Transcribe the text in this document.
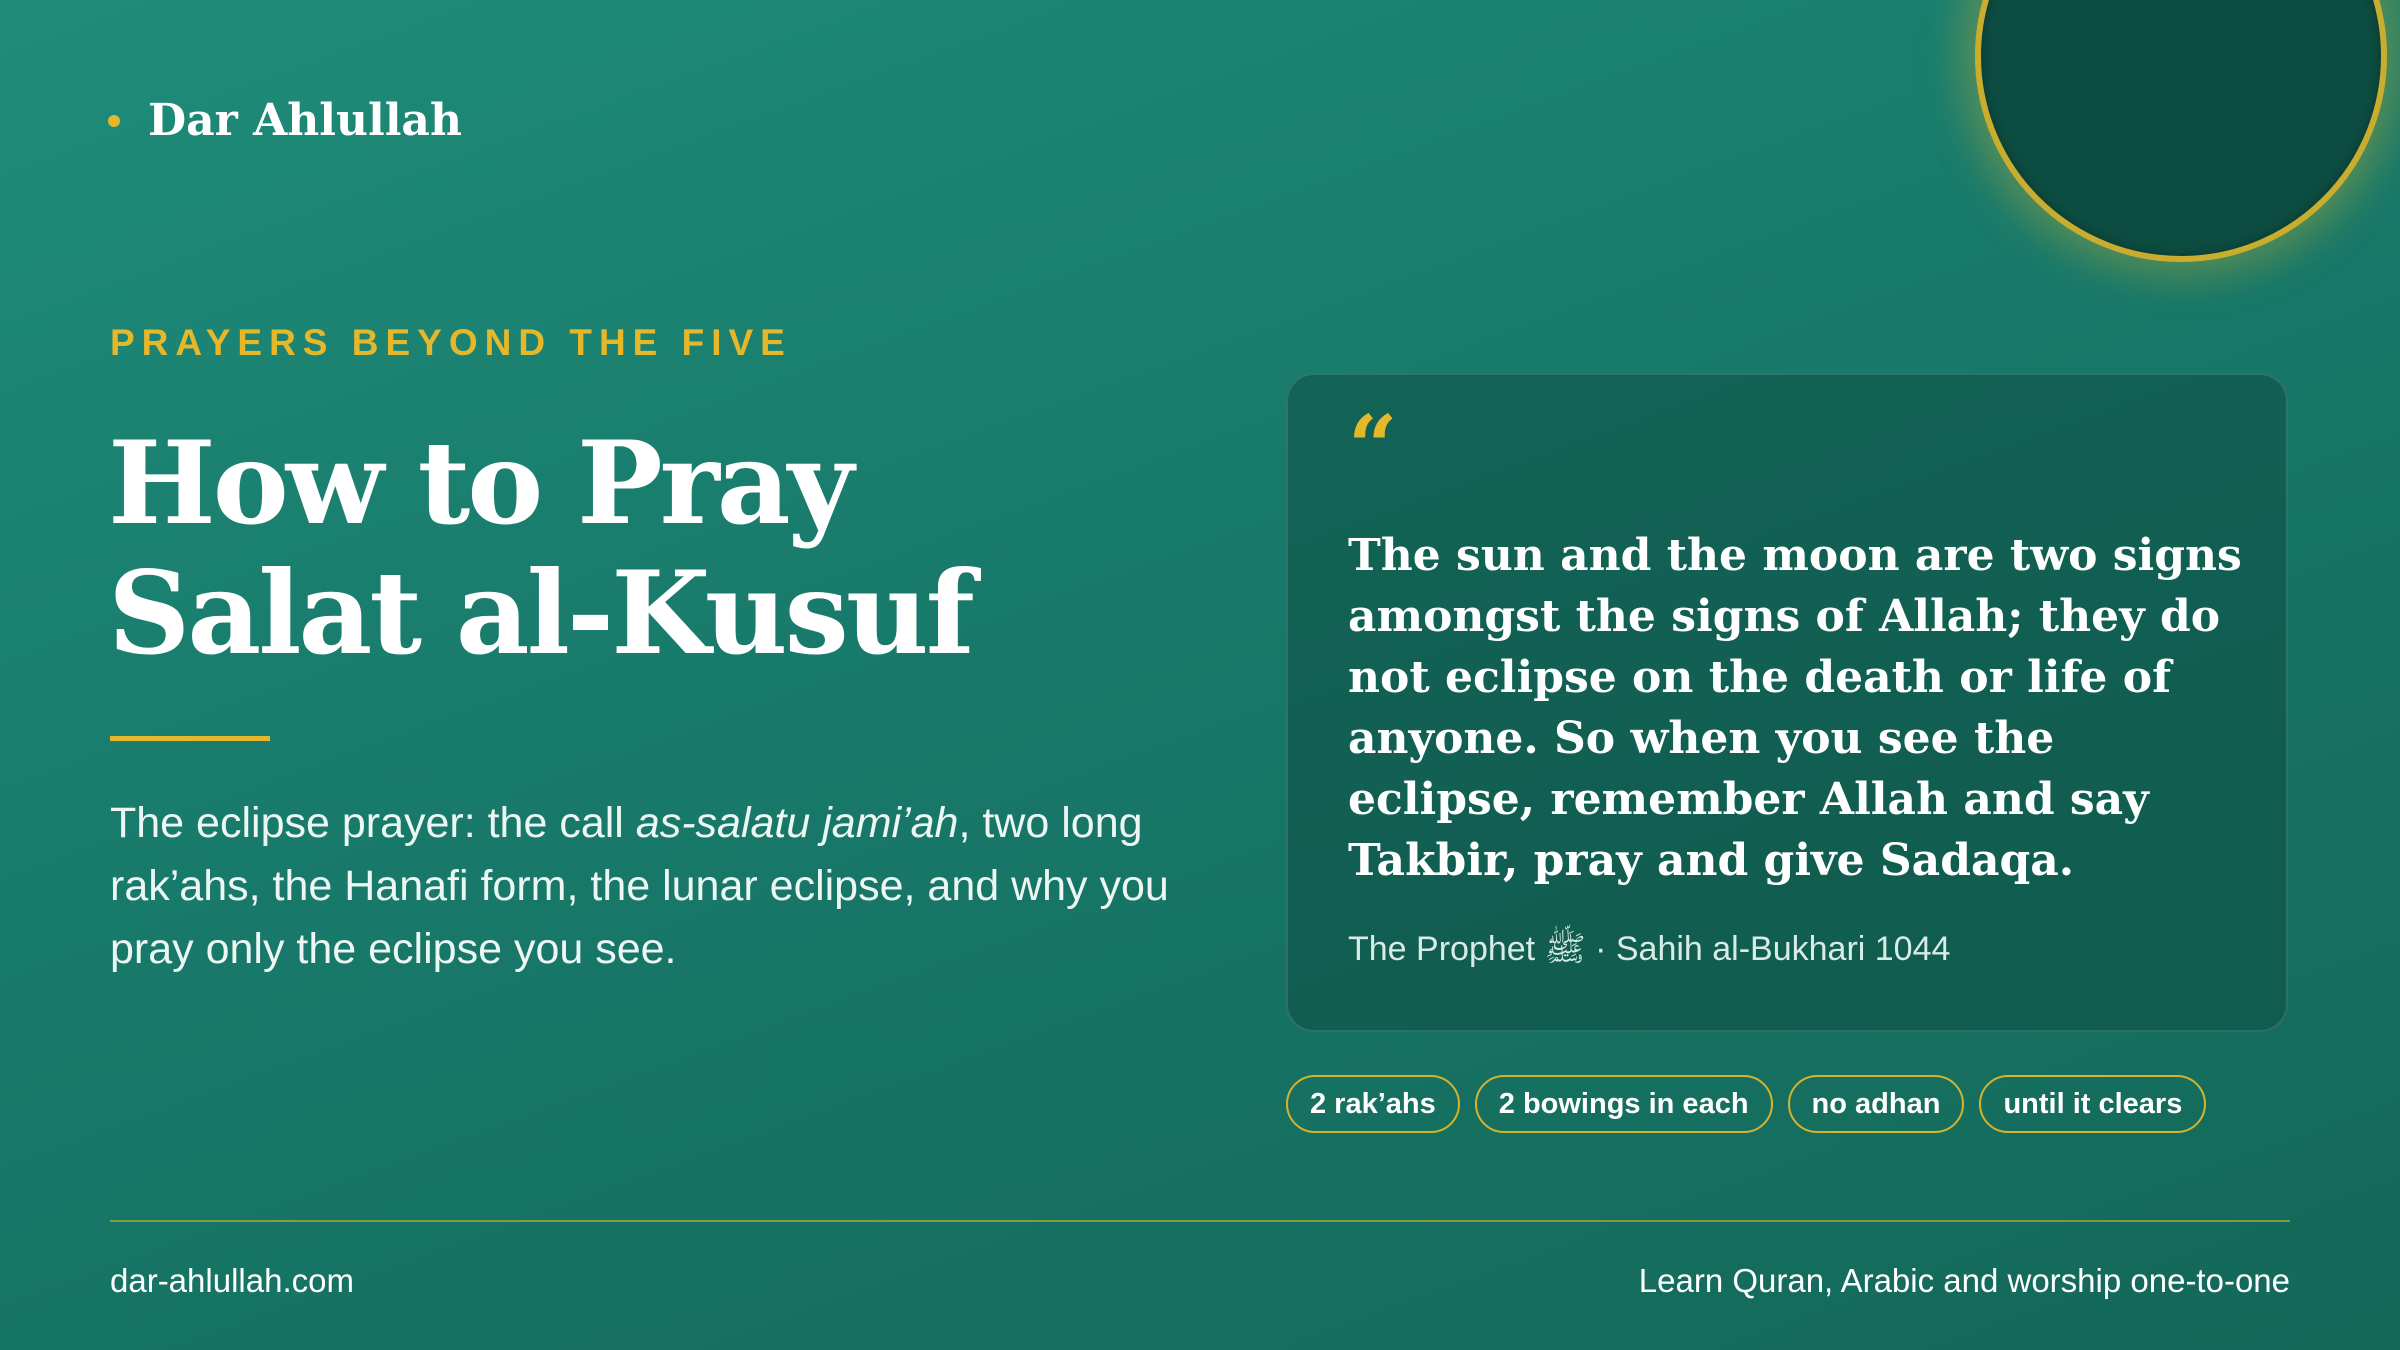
Dar Ahlullah
PRAYERS BEYOND THE FIVE
How to Pray
Salat al-Kusuf

The eclipse prayer: the call as-salatu jami’ah, two long rak’ahs, the Hanafi form, the lunar eclipse, and why you pray only the eclipse you see.

“

The sun and the moon are two signs amongst the signs of Allah; they do not eclipse on the death or life of anyone. So when you see the eclipse, remember Allah and say Takbir, pray and give Sadaqa.

The Prophet ﷺ · Sahih al-Bukhari 1044
2 rak’ahs	2 bowings in each	no adhan	until it clears
dar-ahlullah.com	Learn Quran, Arabic and worship one-to-one
